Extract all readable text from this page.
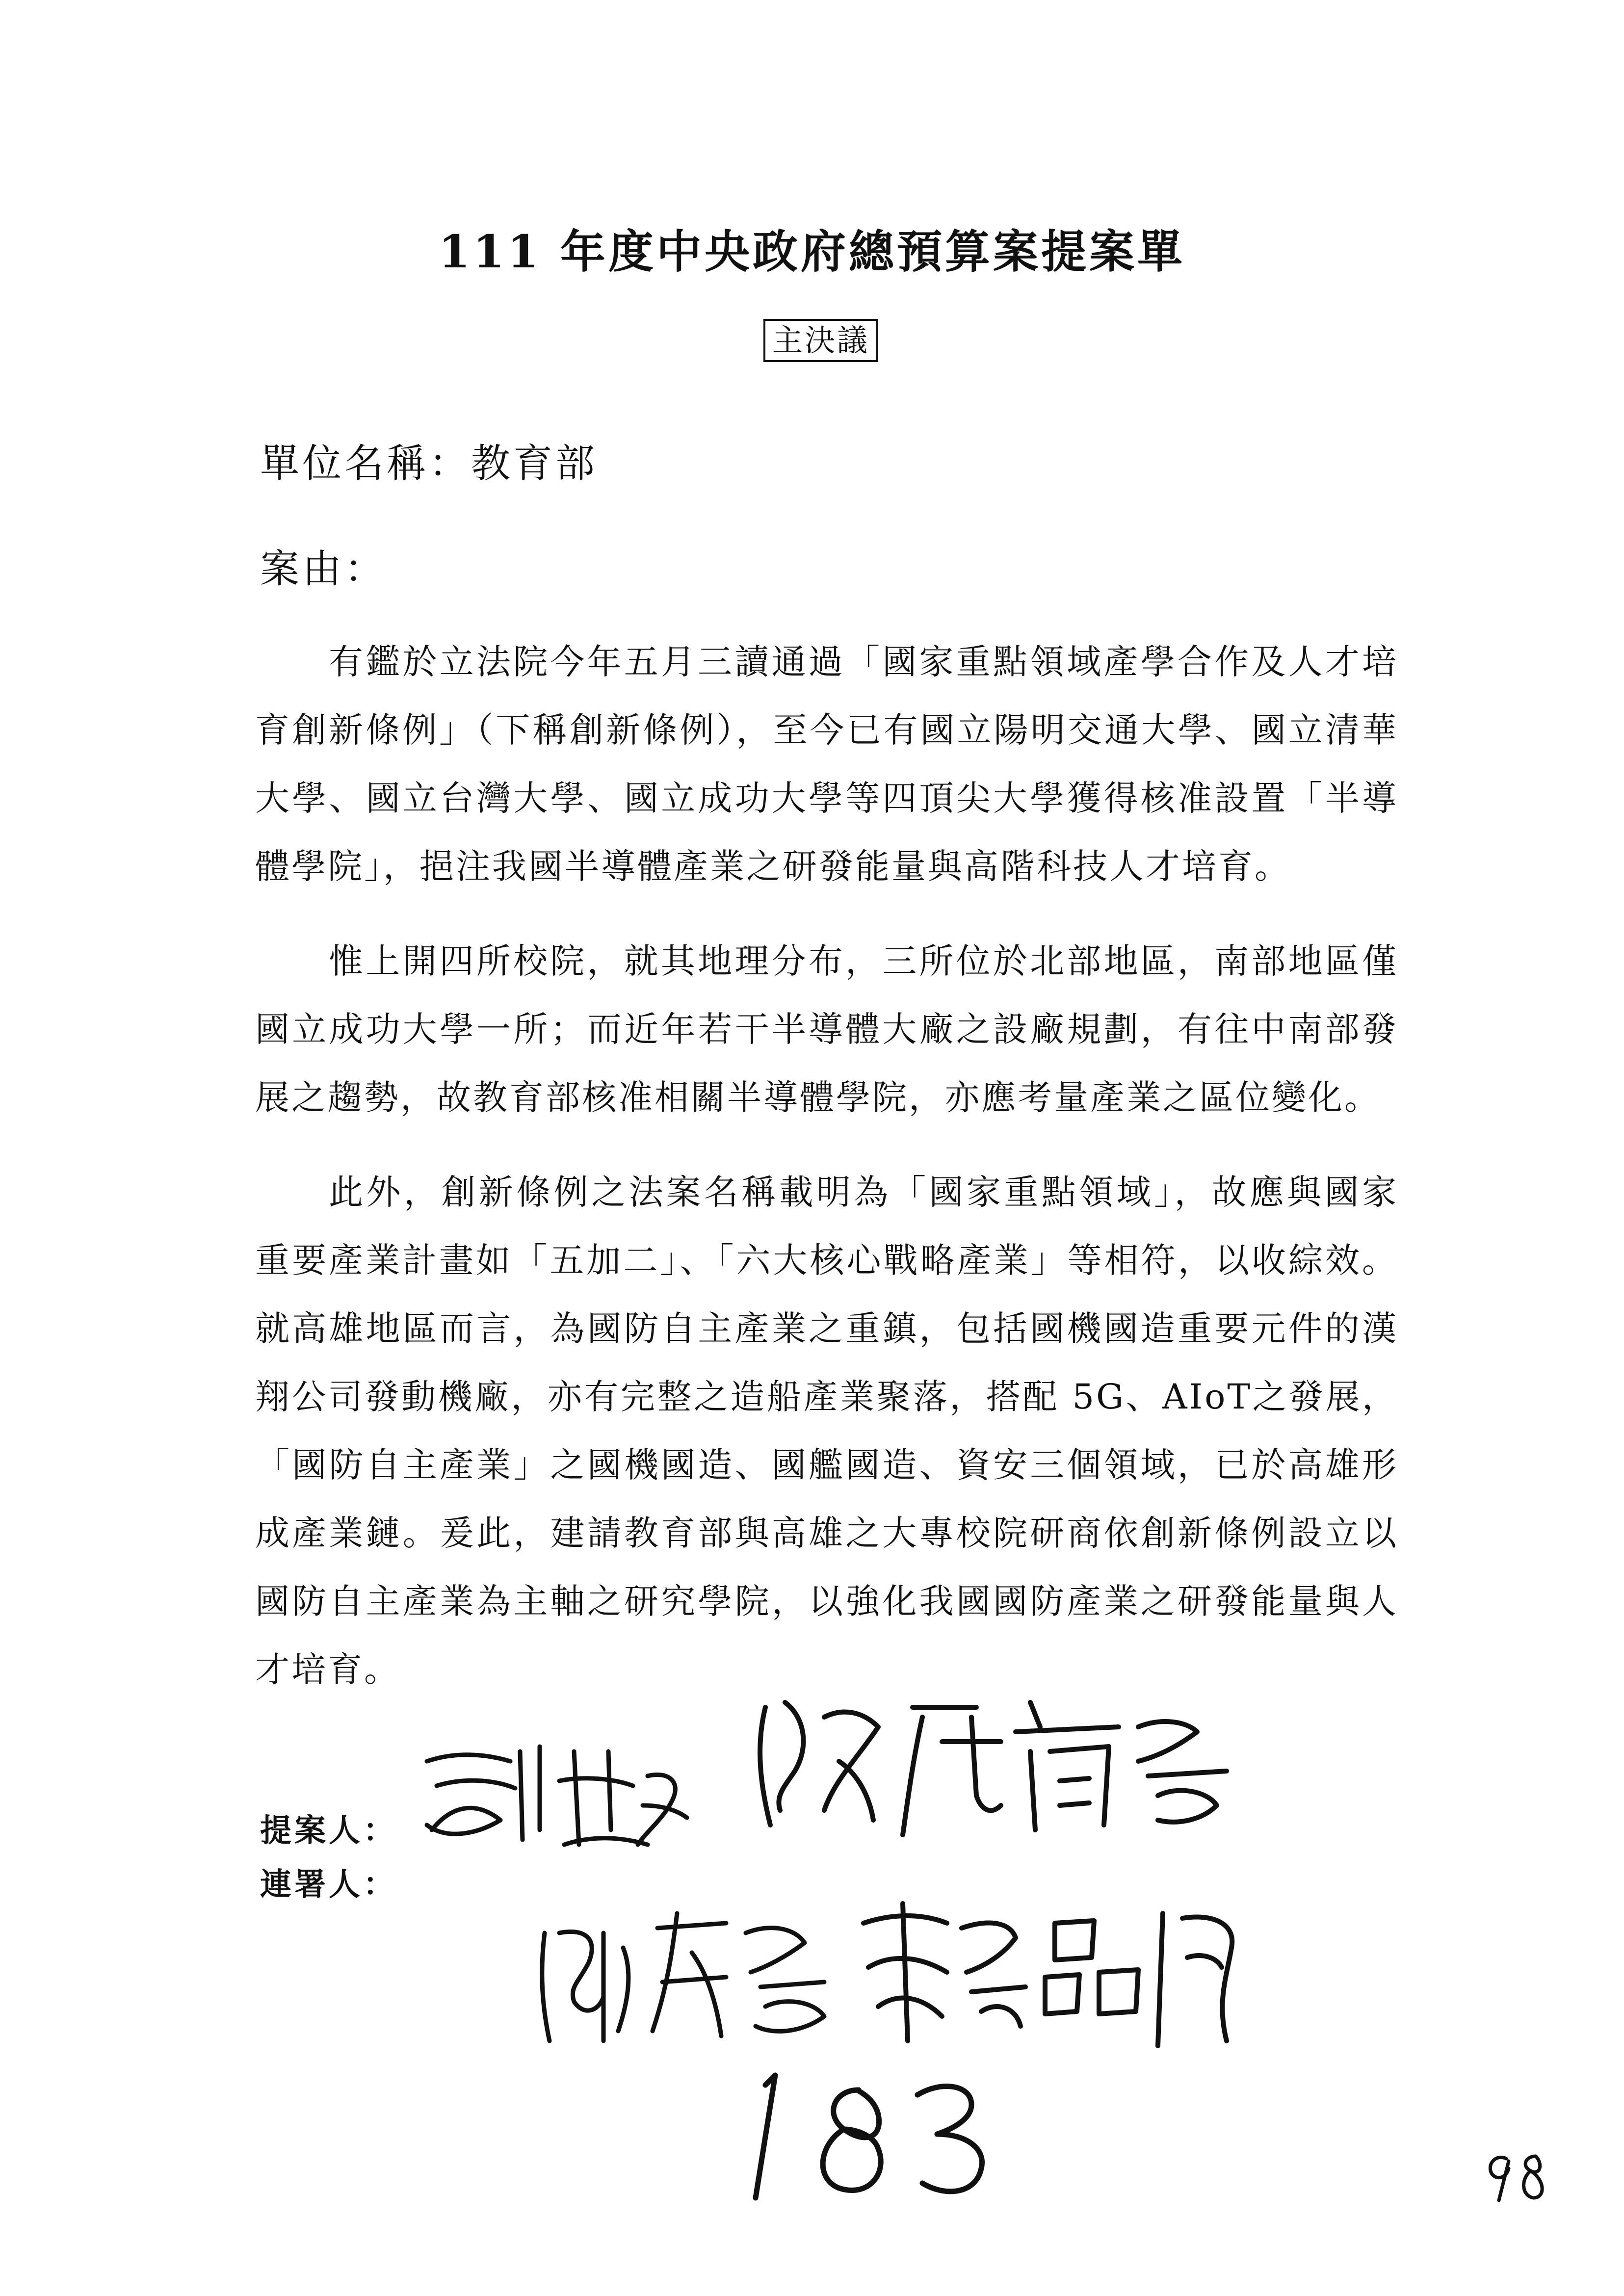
111 年度中央政府總預算案提案單
主決議
單位名稱：教育部
案由：

有鑑於立法院今年五月三讀通過「國家重點領域產學合作及人才培育創新條例」（下稱創新條例），至今已有國立陽明交通大學、國立清華大學、國立台灣大學、國立成功大學等四頂尖大學獲得核准設置「半導體學院」，挹注我國半導體產業之研發能量與高階科技人才培育。

惟上開四所校院，就其地理分布，三所位於北部地區，南部地區僅國立成功大學一所；而近年若干半導體大廠之設廠規劃，有往中南部發展之趨勢，故教育部核准相關半導體學院，亦應考量產業之區位變化。

此外，創新條例之法案名稱載明為「國家重點領域」，故應與國家重要產業計畫如「五加二」、「六大核心戰略產業」等相符，以收綜效。就高雄地區而言，為國防自主產業之重鎮，包括國機國造重要元件的漢翔公司發動機廠，亦有完整之造船產業聚落，搭配 5G、AIoT之發展，「國防自主產業」之國機國造、國艦國造、資安三個領域，已於高雄形成產業鏈。爰此，建請教育部與高雄之大專校院研商依創新條例設立以國防自主產業為主軸之研究學院，以強化我國國防產業之研發能量與人才培育。

提案人：
連署人：
